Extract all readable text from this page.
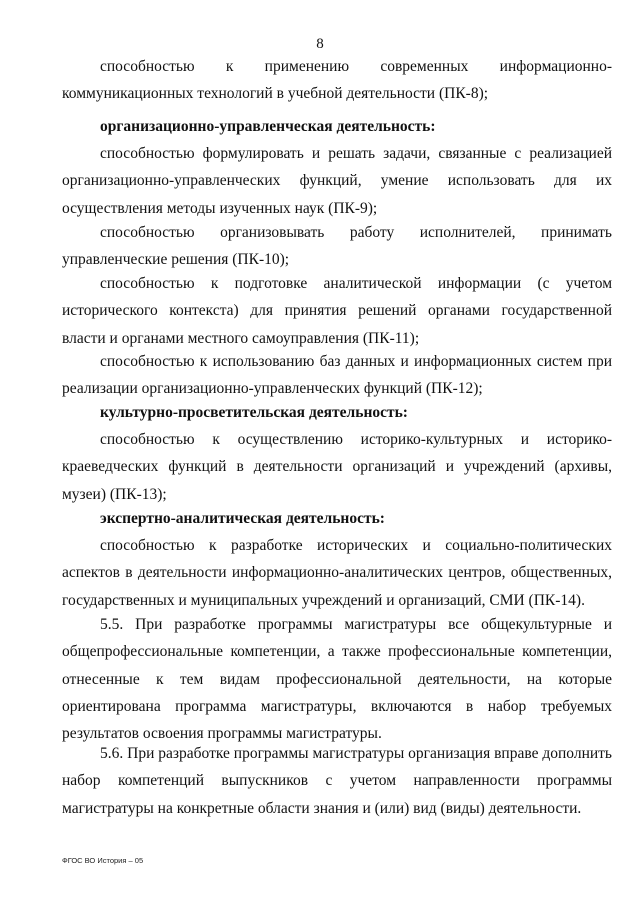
8

способностью к применению современных информационно-коммуникационных технологий в учебной деятельности (ПК-8);

организационно-управленческая деятельность:

способностью формулировать и решать задачи, связанные с реализацией организационно-управленческих функций, умение использовать для их осуществления методы изученных наук (ПК-9);

способностью организовывать работу исполнителей, принимать управленческие решения (ПК-10);

способностью к подготовке аналитической информации (с учетом исторического контекста) для принятия решений органами государственной власти и органами местного самоуправления (ПК-11);

способностью к использованию баз данных и информационных систем при реализации организационно-управленческих функций (ПК-12);

культурно-просветительская деятельность:

способностью к осуществлению историко-культурных и историко-краеведческих функций в деятельности организаций и учреждений (архивы, музеи) (ПК-13);

экспертно-аналитическая деятельность:

способностью к разработке исторических и социально-политических аспектов в деятельности информационно-аналитических центров, общественных, государственных и муниципальных учреждений и организаций, СМИ (ПК-14).

5.5. При разработке программы магистратуры все общекультурные и общепрофессиональные компетенции, а также профессиональные компетенции, отнесенные к тем видам профессиональной деятельности, на которые ориентирована программа магистратуры, включаются в набор требуемых результатов освоения программы магистратуры.

5.6. При разработке программы магистратуры организация вправе дополнить набор компетенций выпускников с учетом направленности программы магистратуры на конкретные области знания и (или) вид (виды) деятельности.

ФГОС ВО История – 05
